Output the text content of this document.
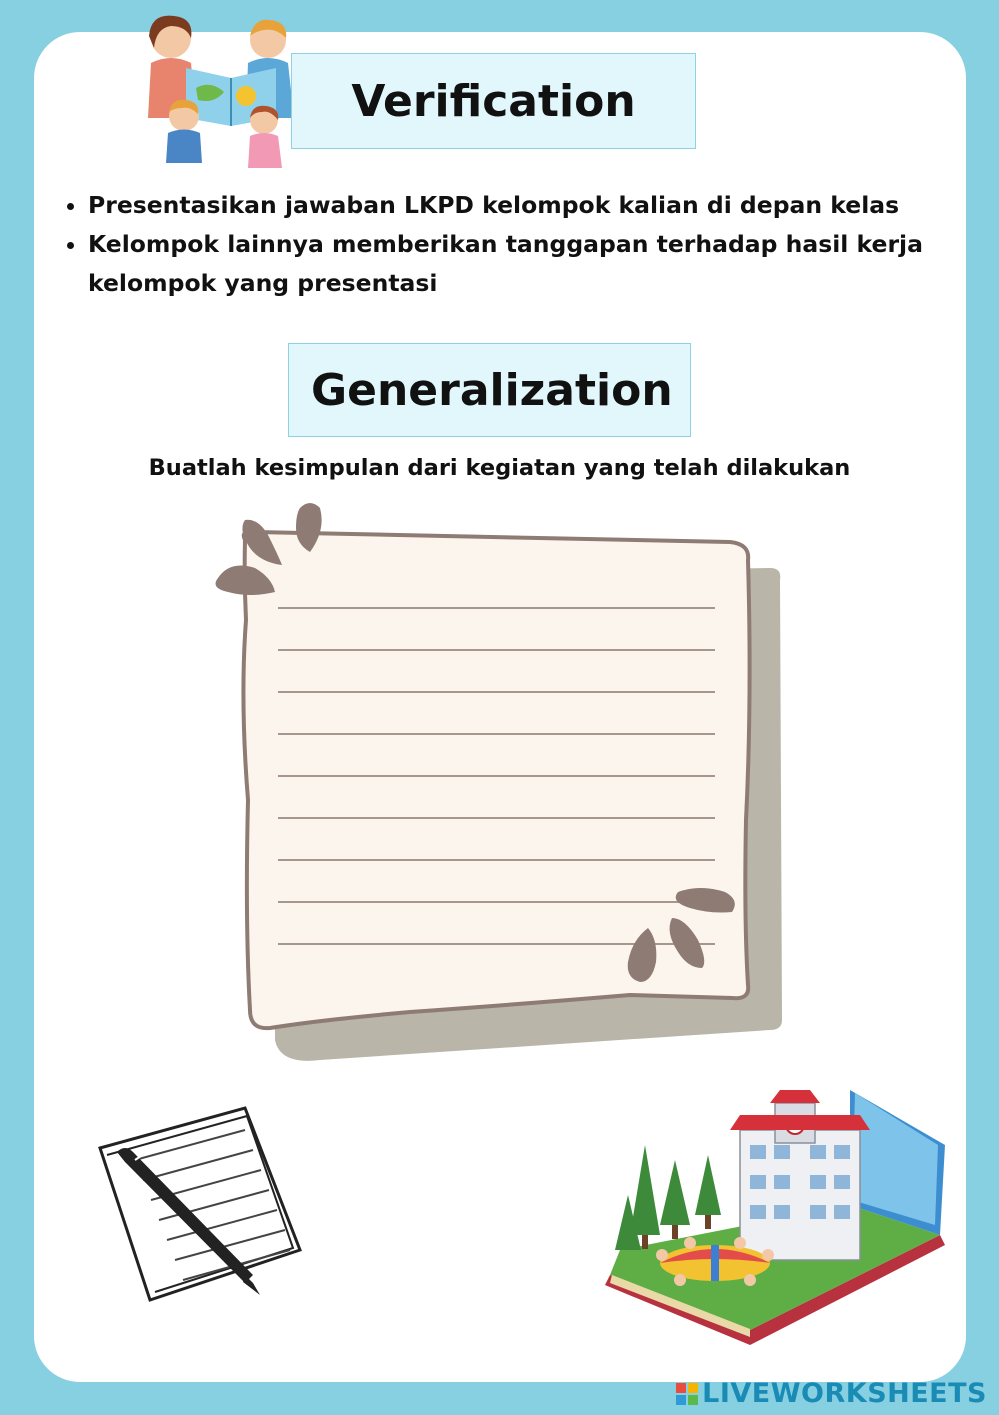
Verification
• Presentasikan jawaban LKPD kelompok kalian di depan kelas
• Kelompok lainnya memberikan tanggapan terhadap hasil kerja kelompok yang presentasi
Generalization
Buatlah kesimpulan dari kegiatan yang telah dilakukan
LIVEWORKSHEETS
